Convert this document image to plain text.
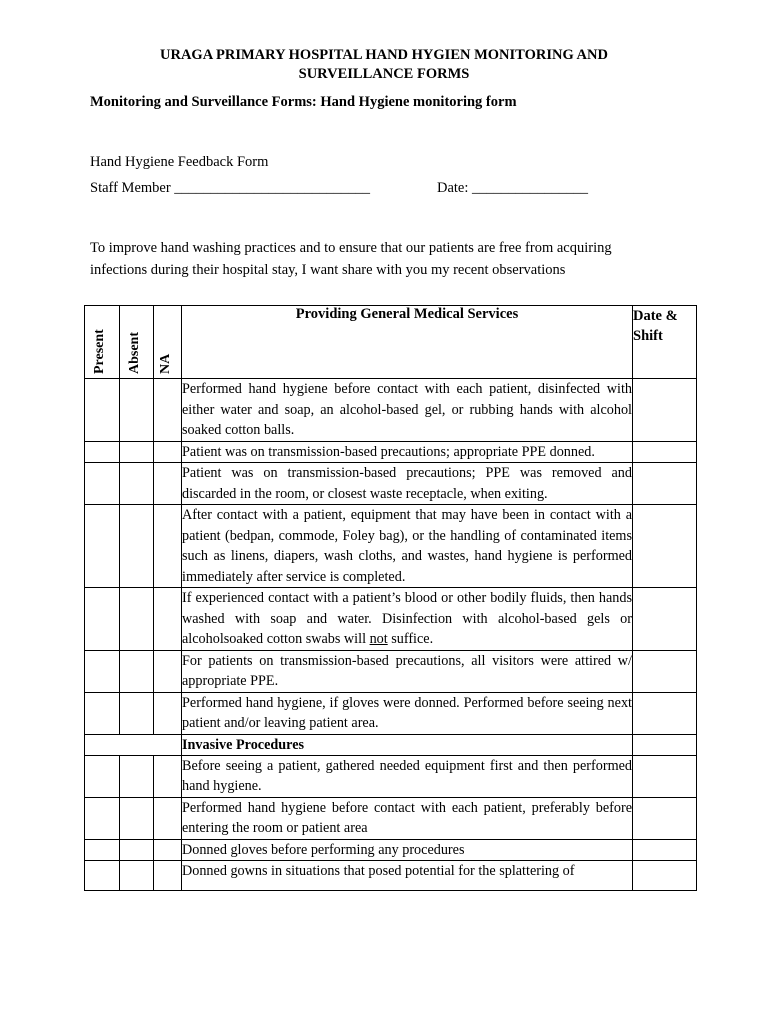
URAGA PRIMARY HOSPITAL HAND HYGIEN MONITORING AND
SURVEILLANCE FORMS
Monitoring and Surveillance Forms: Hand Hygiene monitoring form
Hand Hygiene Feedback Form
Staff Member ___________________________	Date: ________________
To improve hand washing practices and to ensure that our patients are free from acquiring
infections during their hospital stay, I want share with you my recent observations
Present	Absent	NA	Providing General Medical Services	Date &
Shift

			Performed hand hygiene before contact with each patient, disinfected with either water and soap, an alcohol-based gel, or rubbing hands with alcohol soaked cotton balls.	
			Patient was on transmission-based precautions; appropriate PPE donned.	
			Patient was on transmission-based precautions; PPE was removed and discarded in the room, or closest waste receptacle, when exiting.	
			After contact with a patient, equipment that may have been in contact with a patient (bedpan, commode, Foley bag), or the handling of contaminated items such as linens, diapers, wash cloths, and wastes, hand hygiene is performed immediately after service is completed.	
			If experienced contact with a patient’s blood or other bodily fluids, then hands washed with soap and water. Disinfection with alcohol-based gels or alcoholsoaked cotton swabs will not suffice.	
			For patients on transmission-based precautions, all visitors were attired w/ appropriate PPE.	
			Performed hand hygiene, if gloves were donned. Performed before seeing next patient and/or leaving patient area.	
			Invasive Procedures	
			Before seeing a patient, gathered needed equipment first and then performed hand hygiene.	
			Performed hand hygiene before contact with each patient, preferably before entering the room or patient area	
			Donned gloves before performing any procedures	
			Donned gowns in situations that posed potential for the splattering of	
